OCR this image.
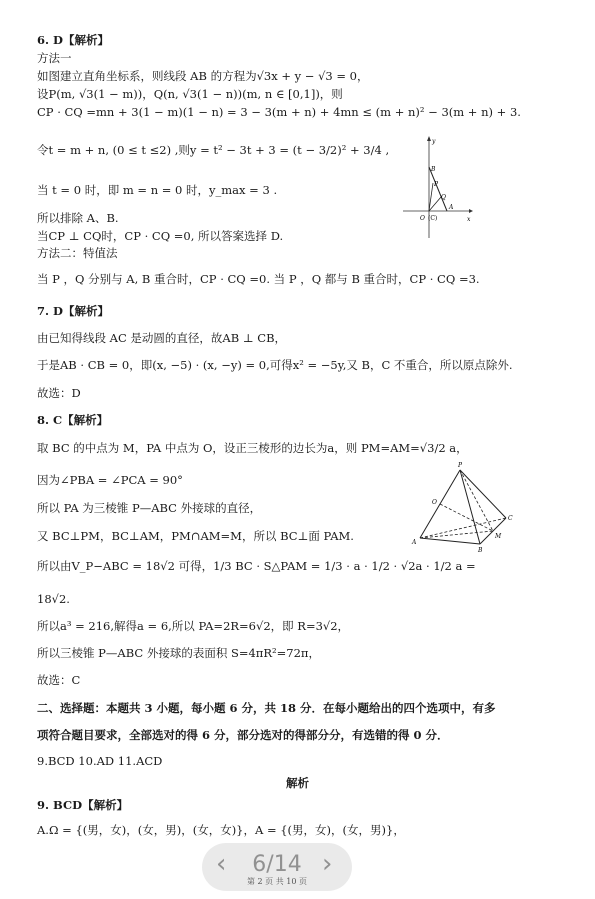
6. D【解析】
方法一
如图建立直角坐标系，则线段 AB 的方程为√3x + y − √3 = 0，
设P(m, √3(1 − m))，Q(n, √3(1 − n))(m, n ∈ [0,1])，则
CP · CQ =mn + 3(1 − m)(1 − n) = 3 − 3(m + n) + 4mn ≤ (m + n)² − 3(m + n) + 3.
令t = m + n, (0 ≤ t ≤2) ,则y = t² − 3t + 3 = (t − 3/2)² + 3/4 ,
当 t = 0 时，即 m = n = 0 时，y_max = 3 .
所以排除 A、B.
当CP ⊥ CQ时，CP · CQ =0, 所以答案选择 D.
方法二：特值法
当 P ，Q 分别与 A, B 重合时，CP · CQ =0. 当 P ，Q 都与 B 重合时，CP · CQ =3.
7. D【解析】
由已知得线段 AC 是动圆的直径，故AB ⊥ CB，
于是AB · CB = 0，即(x, −5) · (x, −y) = 0,可得x² = −5y,又 B，C 不重合，所以原点除外.
故选：D
8. C【解析】
取 BC 的中点为 M，PA 中点为 O，设正三棱形的边长为a，则 PM=AM=√3/2 a，
因为∠PBA = ∠PCA = 90°
所以 PA 为三棱锥 P—ABC 外接球的直径，
又 BC⊥PM，BC⊥AM，PM∩AM=M，所以 BC⊥面 PAM.
所以由V_P−ABC = 18√2 可得，1/3 BC · S△PAM = 1/3 · a · 1/2 · √2a · 1/2 a =
18√2.
所以a³ = 216,解得a = 6,所以 PA=2R=6√2，即 R=3√2，
所以三棱锥 P—ABC 外接球的表面积 S=4πR²=72π，
故选：C
二、选择题：本题共 3 小题，每小题 6 分，共 18 分．在每小题给出的四个选项中，有多
项符合题目要求，全部选对的得 6 分，部分选对的得部分分，有选错的得 0 分．
9.BCD 10.AD 11.ACD
解析
9. BCD【解析】
A.Ω = {(男，女)，(女，男)，(女，女)}，A = {(男，女)，(女，男)}，
y
x
B
P
Q
A
O (C)
P
O
A
B
C
M
‹ 6/14 ›
第 2 页 共 10 页
